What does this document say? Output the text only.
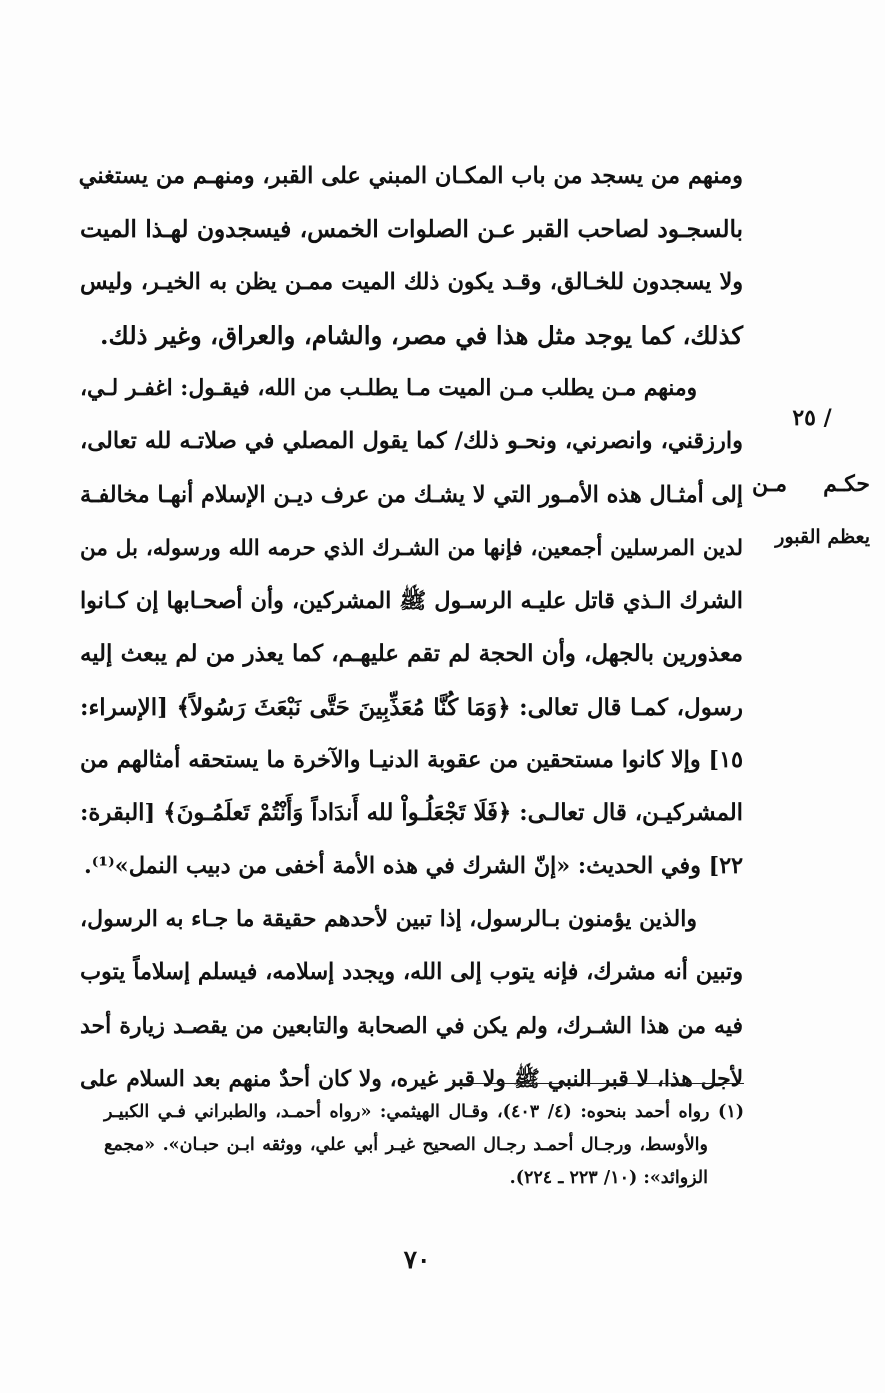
ومنهم من يسجد من باب المكـان المبني على القبر، ومنهـم من يستغني
بالسجـود لصاحب القبر عـن الصلوات الخمس، فيسجدون لهـذا الميت
ولا يسجدون للخـالق، وقـد يكون ذلك الميت ممـن يظن به الخيـر، وليس
كذلك، كما يوجد مثل هذا في مصر، والشام، والعراق، وغير ذلك.
ومنهم مـن يطلب مـن الميت مـا يطلـب من الله، فيقـول: اغفـر لـي،
وارزقني، وانصرني، ونحـو ذلك/ كما يقول المصلي في صلاتـه لله تعالى،
إلى أمثـال هذه الأمـور التي لا يشـك من عرف ديـن الإسلام أنهـا مخالفـة
لدين المرسلين أجمعين، فإنها من الشـرك الذي حرمه الله ورسوله، بل من
الشرك الـذي قاتل عليـه الرسـول ﷺ المشركين، وأن أصحـابها إن كـانوا
معذورين بالجهل، وأن الحجة لم تقم عليهـم، كما يعذر من لم يبعث إليه
رسول، كمـا قال تعالى: ﴿وَمَا كُنَّا مُعَذِّبِينَ حَتَّى نَبْعَثَ رَسُولاً﴾ [الإسراء:
١٥] وإلا كانوا مستحقين من عقوبة الدنيـا والآخرة ما يستحقه أمثالهم من
المشركيـن، قال تعالـى: ﴿فَلَا تَجْعَلُـواْ لله أَندَاداً وَأَنْتُمْ تَعلَمُـونَ﴾ [البقرة:
٢٢] وفي الحديث: «إنّ الشرك في هذه الأمة أخفى من دبيب النمل»⁽¹⁾.
والذين يؤمنون بـالرسول، إذا تبين لأحدهم حقيقة ما جـاء به الرسول،
وتبين أنه مشرك، فإنه يتوب إلى الله، ويجدد إسلامه، فيسلم إسلاماً يتوب
فيه من هذا الشـرك، ولم يكن في الصحابة والتابعين من يقصـد زيارة أحد
لأجل هذا، لا قبر النبي ﷺ ولا قبر غيره، ولا كان أحدٌ منهم بعد السلام على
/ ٢٥
حكـم مـن
يعظم القبور
(١) رواه أحمد بنحوه: (٤/ ٤٠٣)، وقـال الهيثمي: «رواه أحمـد، والطبراني فـي الكبيـر
والأوسط، ورجـال أحمـد رجـال الصحيح غيـر أبي علي، ووثقه ابـن حبـان». «مجمع
الزوائد»: (١٠/ ٢٢٣ ـ ٢٢٤).
٧٠
